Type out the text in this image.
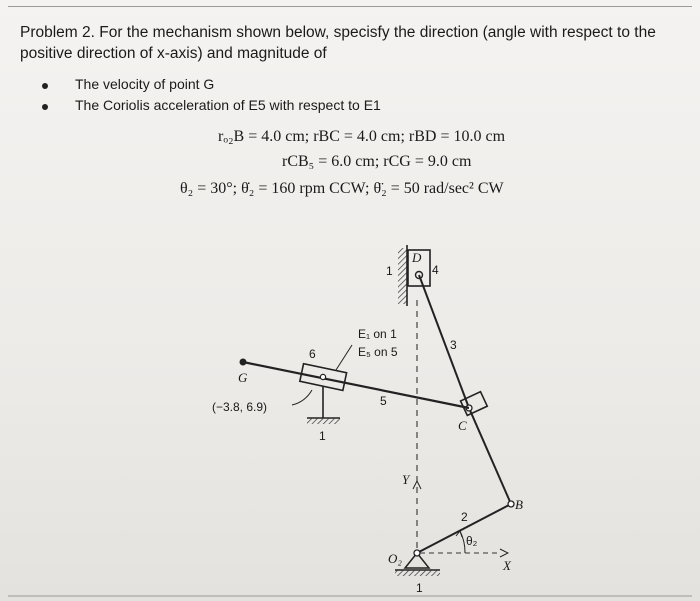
Problem 2. For the mechanism shown below, specisfy the direction (angle with respect to the positive direction of x-axis) and magnitude of
The velocity of point G
The Coriolis acceleration of E5 with respect to E1
rₒ₂B = 4.0 cm; rBC = 4.0 cm; rBD = 10.0 cm
rCB₅ = 6.0 cm; rCG = 9.0 cm
θ₂ = 30°; θ̇₂ = 160 rpm CCW; θ̈₂ = 50 rad/sec² CW
D
4
1
E₁ on 1
E₅ on 5	3
6
G
5
(−3.8, 6.9)
1
C
Y
B
2
θ₂
O₂	X
1
